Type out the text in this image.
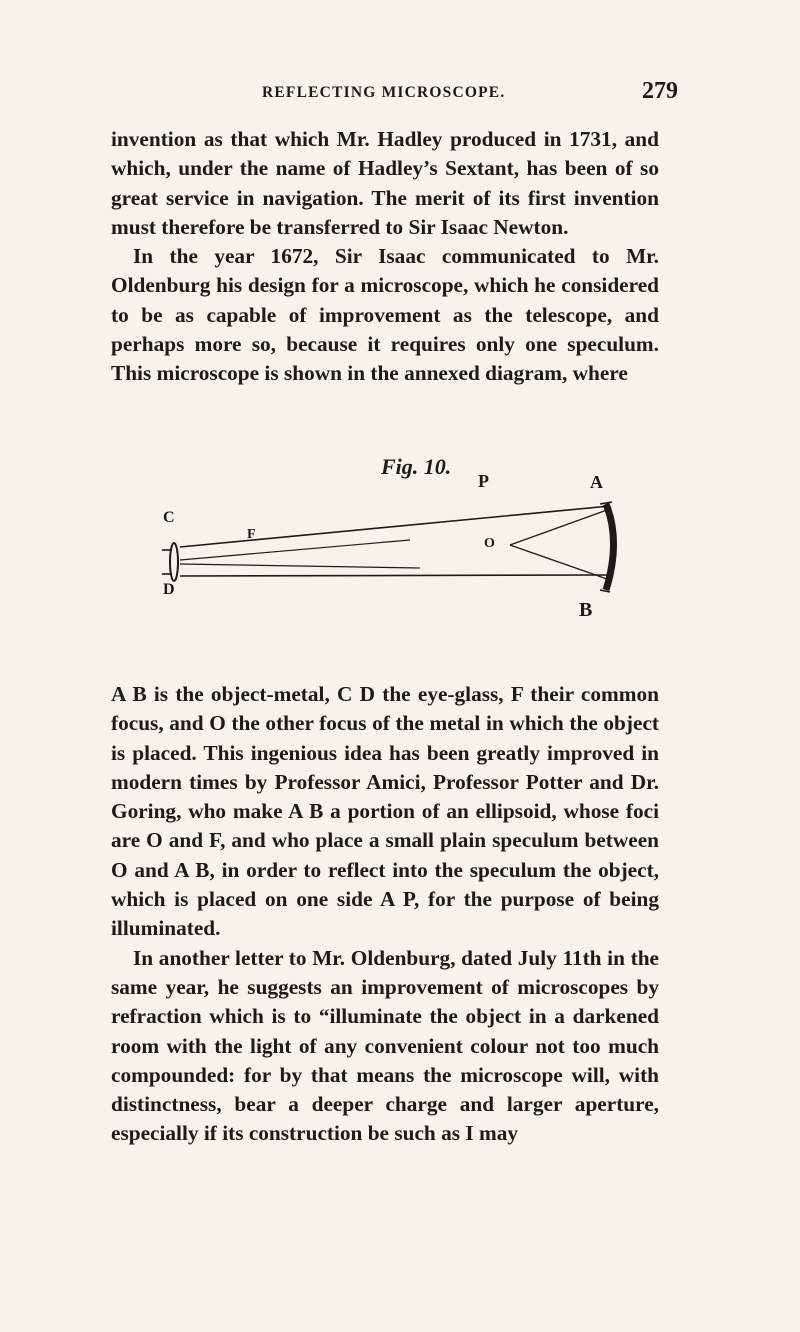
REFLECTING MICROSCOPE.	279

invention as that which Mr. Hadley produced in 1731, and which, under the name of Hadley’s Sextant, has been of so great service in navigation. The merit of its first invention must therefore be transferred to Sir Isaac Newton.

In the year 1672, Sir Isaac communicated to Mr. Oldenburg his design for a microscope, which he considered to be as capable of improvement as the telescope, and perhaps more so, because it requires only one speculum. This microscope is shown in the annexed diagram, where

Fig. 10.
P	A
C
F
O
D
B

A B is the object-metal, C D the eye-glass, F their common focus, and O the other focus of the metal in which the object is placed. This ingenious idea has been greatly improved in modern times by Professor Amici, Professor Potter and Dr. Goring, who make A B a portion of an ellipsoid, whose foci are O and F, and who place a small plain speculum between O and A B, in order to reflect into the speculum the object, which is placed on one side A P, for the purpose of being illuminated.

In another letter to Mr. Oldenburg, dated July 11th in the same year, he suggests an improvement of microscopes by refraction which is to “illuminate the object in a darkened room with the light of any convenient colour not too much compounded: for by that means the microscope will, with distinctness, bear a deeper charge and larger aperture, especially if its construction be such as I may
